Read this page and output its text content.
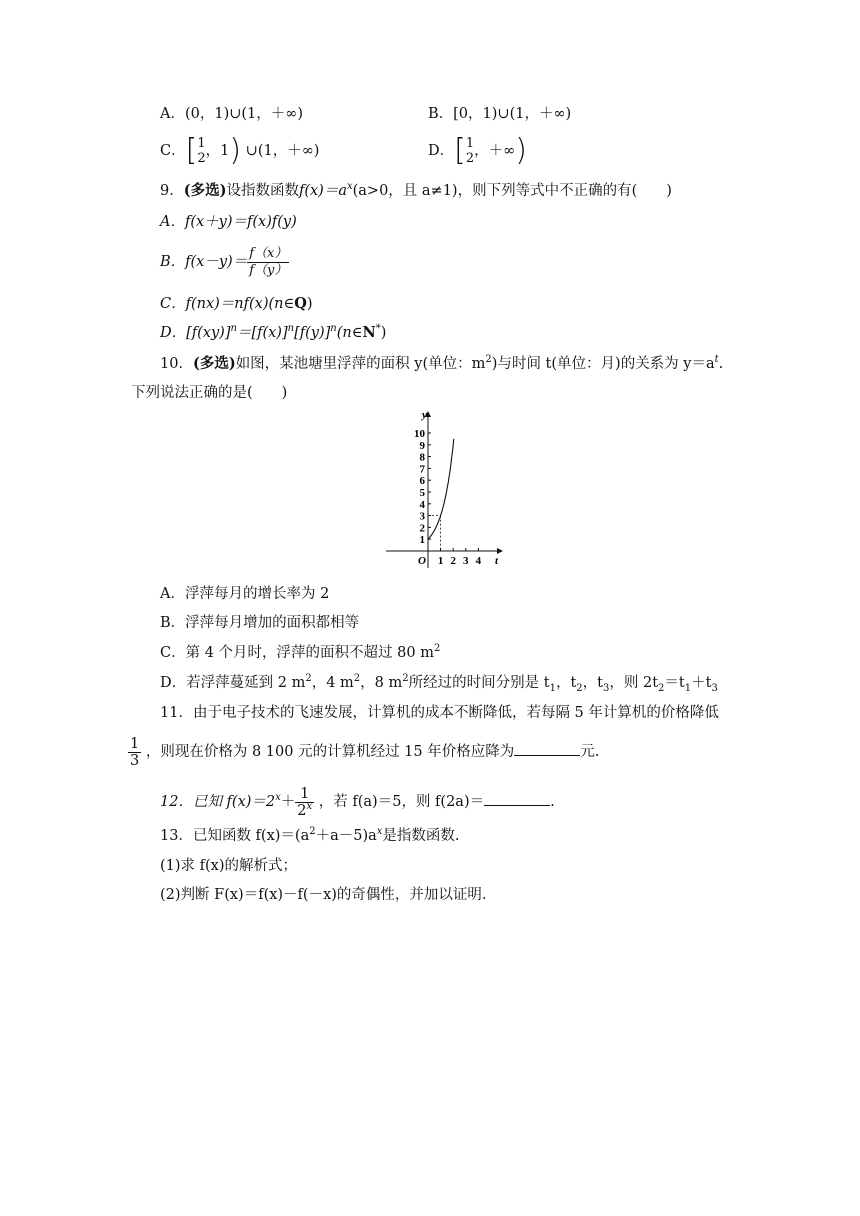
A．(0，1)∪(1，＋∞)	B．[0，1)∪(1，＋∞)
C．[ 1
2 ，1) ∪(1，＋∞)	D．[ 1
2 ，＋∞)
9．(多选)设指数函数$f(x)=a^x(a>0$，且 a≠1)，则下列等式中不正确的有(　　)
A．f(x＋y)＝f(x)f(y)
B．$f(x-y)= \frac{f(x)}{f(y)}$
C．f(nx)＝nf(x)(n∈Q)
D．$[f(xy)]^n=[f(x)]^n[f(y)]^n(n\in N^*)$
10．(多选)如图，某池塘里浮萍的面积 y(单位：$m^2$)与时间 t(单位：月)的关系为 $y=a^t$.
下列说法正确的是(　　)
y
t
O
1
2
3
4
5
6
7
8
9
10
1 2 3 4
A．浮萍每月的增长率为 2
B．浮萍每月增加的面积都相等
C．第 4 个月时，浮萍的面积不超过 80 $m^2$
D．若浮萍蔓延到 2 $m^2$，4 $m^2$，8 $m^2$所经过的时间分别是 $t_1$，$t_2$，$t_3$，则 $2t_2=t_1+t_3$
11．由于电子技术的飞速发展，计算机的成本不断降低，若每隔 5 年计算机的价格降低
$\frac{1}{3}$ ，则现在价格为 8 100 元的计算机经过 15 年价格应降为	元.
12．已知 $f(x)=2^x+ \frac{1}{2^x}$ ，若 f(a)＝5，则 f(2a)＝	.
13．已知函数 $f(x)=(a^2+a-5)a^x$是指数函数.
(1)求 f(x)的解析式；
(2)判断 F(x)＝f(x)－f(－x)的奇偶性，并加以证明.
